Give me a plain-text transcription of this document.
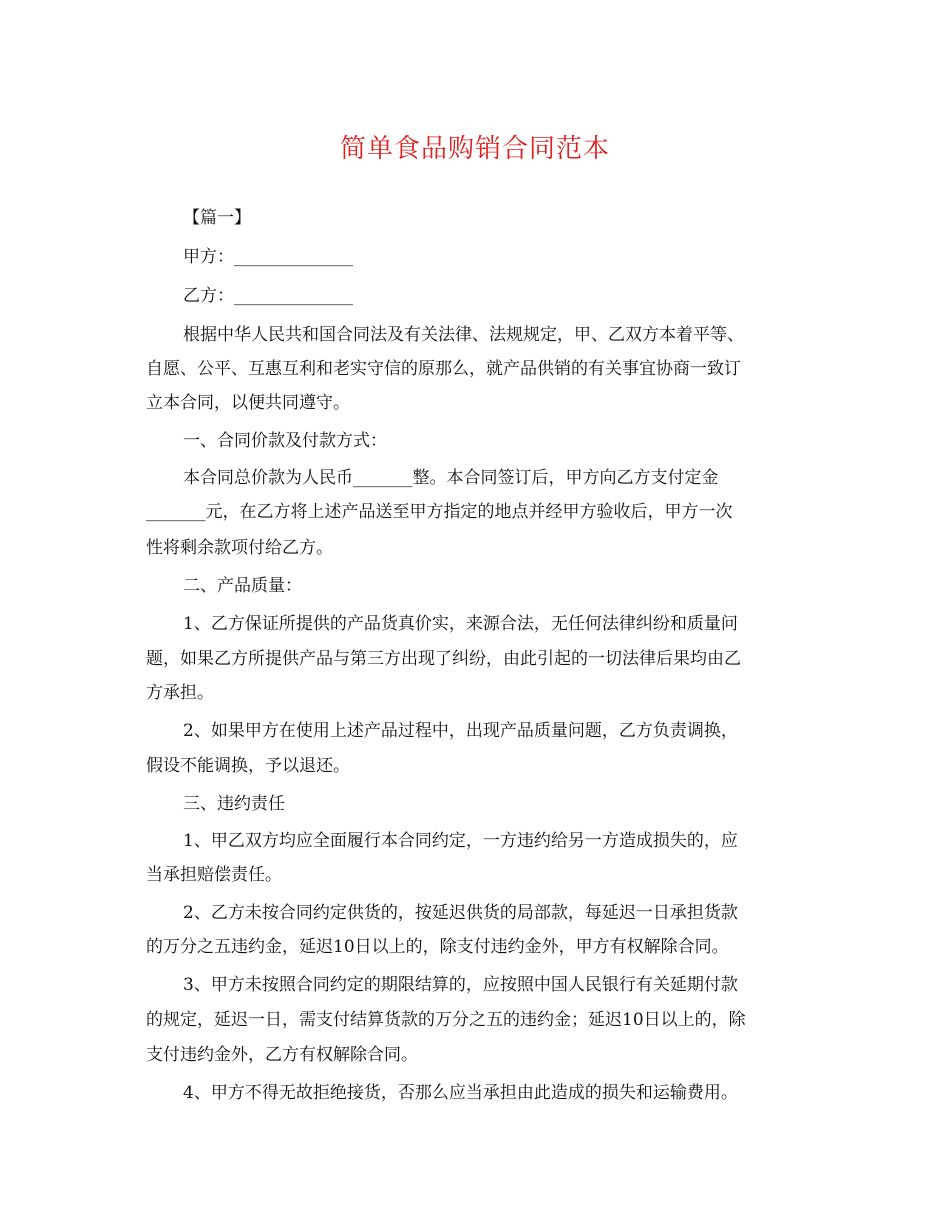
简单食品购销合同范本
【篇一】
甲方：______________
乙方：______________
根据中华人民共和国合同法及有关法律、法规规定，甲、乙双方本着平等、
自愿、公平、互惠互利和老实守信的原那么，就产品供销的有关事宜协商一致订
立本合同，以便共同遵守。
一、合同价款及付款方式：
本合同总价款为人民币_______整。本合同签订后，甲方向乙方支付定金
_______元，在乙方将上述产品送至甲方指定的地点并经甲方验收后，甲方一次
性将剩余款项付给乙方。
二、产品质量：
1、乙方保证所提供的产品货真价实，来源合法，无任何法律纠纷和质量问
题，如果乙方所提供产品与第三方出现了纠纷，由此引起的一切法律后果均由乙
方承担。
2、如果甲方在使用上述产品过程中，出现产品质量问题，乙方负责调换，
假设不能调换，予以退还。
三、违约责任
1、甲乙双方均应全面履行本合同约定，一方违约给另一方造成损失的，应
当承担赔偿责任。
2、乙方未按合同约定供货的，按延迟供货的局部款，每延迟一日承担货款
的万分之五违约金，延迟10日以上的，除支付违约金外，甲方有权解除合同。
3、甲方未按照合同约定的期限结算的，应按照中国人民银行有关延期付款
的规定，延迟一日，需支付结算货款的万分之五的违约金；延迟10日以上的，除
支付违约金外，乙方有权解除合同。
4、甲方不得无故拒绝接货，否那么应当承担由此造成的损失和运输费用。
